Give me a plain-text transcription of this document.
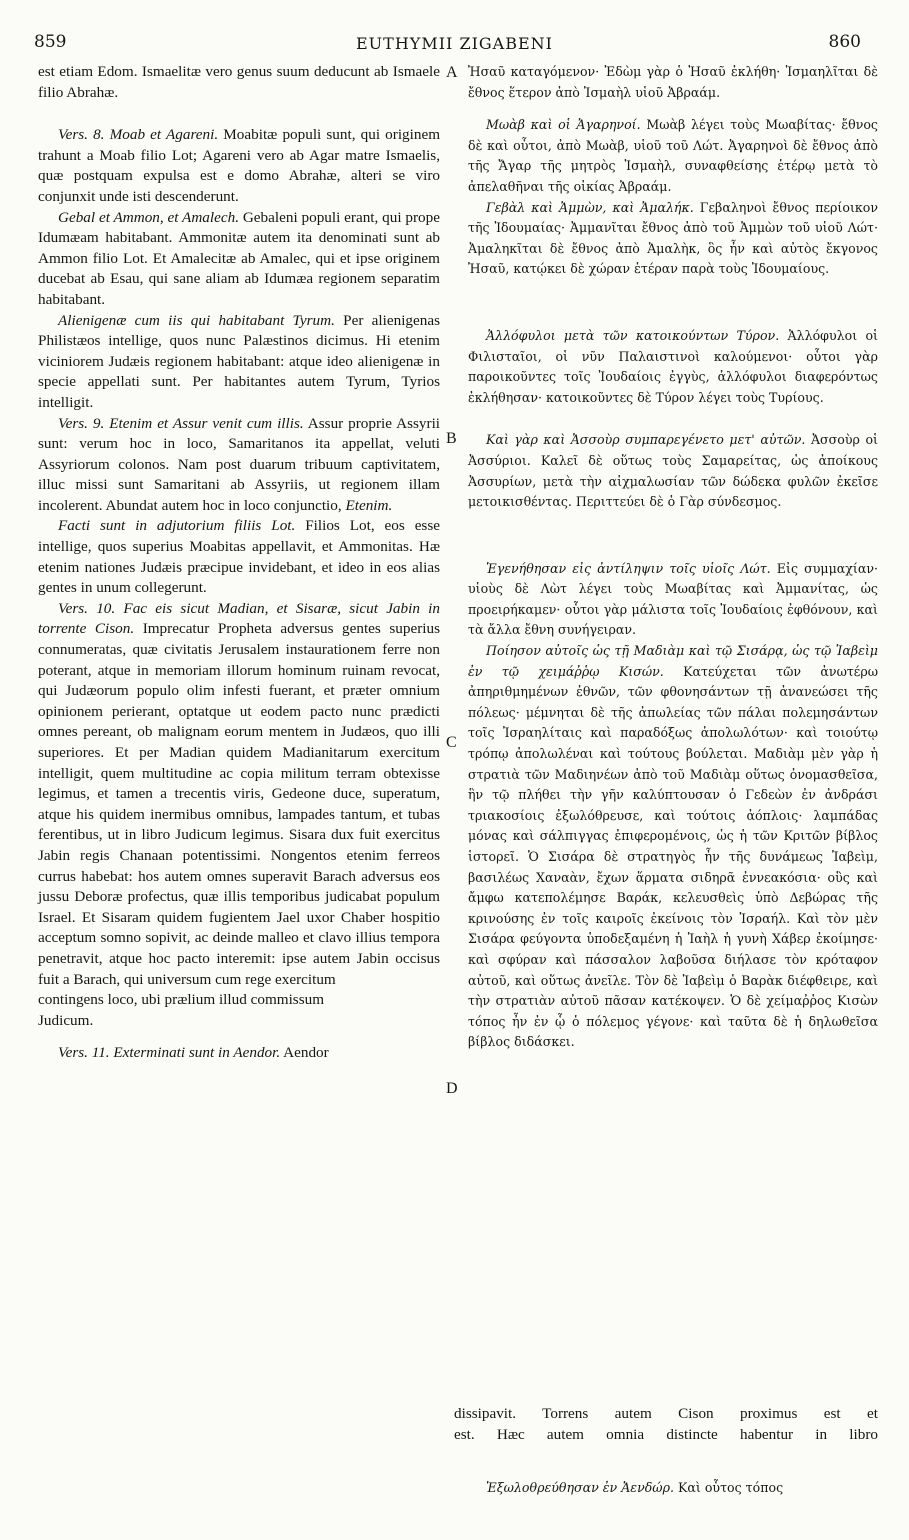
859	EUTHYMII ZIGABENI	860

est etiam Edom. Ismaelitæ vero genus suum deducunt ab Ismaele filio Abrahæ.

Vers. 8. Moab et Agareni. Moabitæ populi sunt, qui originem trahunt a Moab filio Lot; Agareni vero ab Agar matre Ismaelis, quæ postquam expulsa est e domo Abrahæ, alteri se viro conjunxit unde isti descenderunt.

Gebal et Ammon, et Amalech. Gebaleni populi erant, qui prope Idumæam habitabant. Ammonitæ autem ita denominati sunt ab Ammon filio Lot. Et Amalecitæ ab Amalec, qui et ipse originem ducebat ab Esau, qui sane aliam ab Idumæa regionem separatim habitabant.

Alienigenæ cum iis qui habitabant Tyrum. Per alienigenas Philistæos intellige, quos nunc Palæstinos dicimus. Hi etenim viciniorem Judæis regionem habitabant: atque ideo alienigenæ in specie appellati sunt. Per habitantes autem Tyrum, Tyrios intelligit.

Vers. 9. Etenim et Assur venit cum illis. Assur proprie Assyrii sunt: verum hoc in loco, Samaritanos ita appellat, veluti Assyriorum colonos. Nam post duarum tribuum captivitatem, illuc missi sunt Samaritani ab Assyriis, ut regionem illam incolerent. Abundat autem hoc in loco conjunctio, Etenim.

Facti sunt in adjutorium filiis Lot. Filios Lot, eos esse intellige, quos superius Moabitas appellavit, et Ammonitas. Hæ etenim nationes Judæis præcipue invidebant, et ideo in eos alias gentes in unum collegerunt.

Vers. 10. Fac eis sicut Madian, et Sisaræ, sicut Jabin in torrente Cison. Imprecatur Propheta adversus gentes superius connumeratas, quæ civitatis Jerusalem instaurationem ferre non poterant, atque in memoriam illorum hominum ruinam revocat, qui Judæorum populo olim infesti fuerant, et præter omnium opinionem perierant, optatque ut eodem pacto nunc prædicti omnes pereant, ob malignam eorum mentem in Judæos, quo illi superiores. Et per Madian quidem Madianitarum exercitum intelligit, quem multitudine ac copia militum terram obtexisse legimus, et tamen a trecentis viris, Gedeone duce, superatum, atque his quidem inermibus omnibus, lampades tantum, et tubas ferentibus, ut in libro Judicum legimus. Sisara dux fuit exercitus Jabin regis Chanaan potentissimi. Nongentos etenim ferreos currus habebat: hos autem omnes superavit Barach adversus eos jussu Deboræ profectus, quæ illis temporibus judicabat populum Israel. Et Sisaram quidem fugientem Jael uxor Chaber hospitio acceptum somno sopivit, ac deinde malleo et clavo illius tempora penetravit, atque hoc pacto interemit: ipse autem Jabin occisus fuit a Barach, qui universum cum rege exercitum

contingens loco, ubi prælium illud commissum

Judicum.

Vers. 11. Exterminati sunt in Aendor. Aendor

A
B
C
D

Ἠσαῦ καταγόμενον· Ἐδὼμ γὰρ ὁ Ἠσαῦ ἐκλήθη· Ἰσμαηλῖται δὲ ἔθνος ἕτερον ἀπὸ Ἰσμαὴλ υἱοῦ Ἀβραάμ.

Μωὰβ καὶ οἱ Ἀγαρηνοί. Μωὰβ λέγει τοὺς Μωαβίτας· ἔθνος δὲ καὶ οὗτοι, ἀπὸ Μωὰβ, υἱοῦ τοῦ Λώτ. Ἀγαρηνοὶ δὲ ἔθνος ἀπὸ τῆς Ἄγαρ τῆς μητρὸς Ἰσμαὴλ, συναφθείσης ἑτέρῳ μετὰ τὸ ἀπελαθῆναι τῆς οἰκίας Ἀβραάμ.

Γεβὰλ καὶ Ἀμμὼν, καὶ Ἀμαλήκ. Γεβαληνοὶ ἔθνος περίοικον τῆς Ἰδουμαίας· Ἀμμανῖται ἔθνος ἀπὸ τοῦ Ἀμμὼν τοῦ υἱοῦ Λώτ· Ἀμαληκῖται δὲ ἔθνος ἀπὸ Ἀμαλὴκ, ὃς ἦν καὶ αὐτὸς ἔκγονος Ἠσαῦ, κατῴκει δὲ χώραν ἑτέραν παρὰ τοὺς Ἰδουμαίους.

Ἀλλόφυλοι μετὰ τῶν κατοικούντων Τύρον. Ἀλλόφυλοι οἱ Φιλισταῖοι, οἱ νῦν Παλαιστινοὶ καλούμενοι· οὗτοι γὰρ παροικοῦντες τοῖς Ἰουδαίοις ἐγγὺς, ἀλλόφυλοι διαφερόντως ἐκλήθησαν· κατοικοῦντες δὲ Τύρον λέγει τοὺς Τυρίους.

Καὶ γὰρ καὶ Ἀσσοὺρ συμπαρεγένετο μετ' αὐτῶν. Ἀσσοὺρ οἱ Ἀσσύριοι. Καλεῖ δὲ οὕτως τοὺς Σαμαρείτας, ὡς ἀποίκους Ἀσσυρίων, μετὰ τὴν αἰχμαλωσίαν τῶν δώδεκα φυλῶν ἐκεῖσε μετοικισθέντας. Περιττεύει δὲ ὁ Γὰρ σύνδεσμος.

Ἐγενήθησαν εἰς ἀντίληψιν τοῖς υἱοῖς Λώτ. Εἰς συμμαχίαν· υἱοὺς δὲ Λὼτ λέγει τοὺς Μωαβίτας καὶ Ἀμμανίτας, ὡς προειρήκαμεν· οὗτοι γὰρ μάλιστα τοῖς Ἰουδαίοις ἐφθόνουν, καὶ τὰ ἄλλα ἔθνη συνήγειραν.

Ποίησον αὐτοῖς ὡς τῇ Μαδιὰμ καὶ τῷ Σισάρᾳ, ὡς τῷ Ἰαβεὶμ ἐν τῷ χειμάῤῥῳ Κισών. Κατεύχεται τῶν ἀνωτέρω ἀπηριθμημένων ἐθνῶν, τῶν φθονησάντων τῇ ἀνανεώσει τῆς πόλεως· μέμνηται δὲ τῆς ἀπωλείας τῶν πάλαι πολεμησάντων τοῖς Ἰσραηλίταις καὶ παραδόξως ἀπολωλότων· καὶ τοιούτῳ τρόπῳ ἀπολωλέναι καὶ τούτους βούλεται. Μαδιὰμ μὲν γὰρ ἡ στρατιὰ τῶν Μαδιηνέων ἀπὸ τοῦ Μαδιὰμ οὕτως ὀνομασθεῖσα, ἣν τῷ πλήθει τὴν γῆν καλύπτουσαν ὁ Γεδεὼν ἐν ἀνδράσι τριακοσίοις ἐξωλόθρευσε, καὶ τούτοις ἀόπλοις· λαμπάδας μόνας καὶ σάλπιγγας ἐπιφερομένοις, ὡς ἡ τῶν Κριτῶν βίβλος ἱστορεῖ. Ὁ Σισάρα δὲ στρατηγὸς ἦν τῆς δυνάμεως Ἰαβεὶμ, βασιλέως Χαναὰν, ἔχων ἅρματα σιδηρᾶ ἐννεακόσια· οὓς καὶ ἄμφω κατεπολέμησε Βαράκ, κελευσθεὶς ὑπὸ Δεβώρας τῆς κρινούσης ἐν τοῖς καιροῖς ἐκείνοις τὸν Ἰσραήλ. Καὶ τὸν μὲν Σισάρα φεύγοντα ὑποδεξαμένη ἡ Ἰαὴλ ἡ γυνὴ Χάβερ ἐκοίμησε· καὶ σφύραν καὶ πάσσαλον λαβοῦσα διήλασε τὸν κρόταφον αὐτοῦ, καὶ οὕτως ἀνεῖλε. Τὸν δὲ Ἰαβεὶμ ὁ Βαρὰκ διέφθειρε, καὶ τὴν στρατιὰν αὐτοῦ πᾶσαν κατέκοψεν. Ὁ δὲ χείμαῤῥος Κισὼν τόπος ἦν ἐν ᾧ ὁ πόλεμος γέγονε· καὶ ταῦτα δὲ ἡ δηλωθεῖσα βίβλος διδάσκει.

dissipavit. Torrens autem Cison proximus est et
est. Hæc autem omnia distincte habentur in libro

Ἐξωλοθρεύθησαν ἐν Ἀενδώρ. Καὶ οὗτος τόπος
